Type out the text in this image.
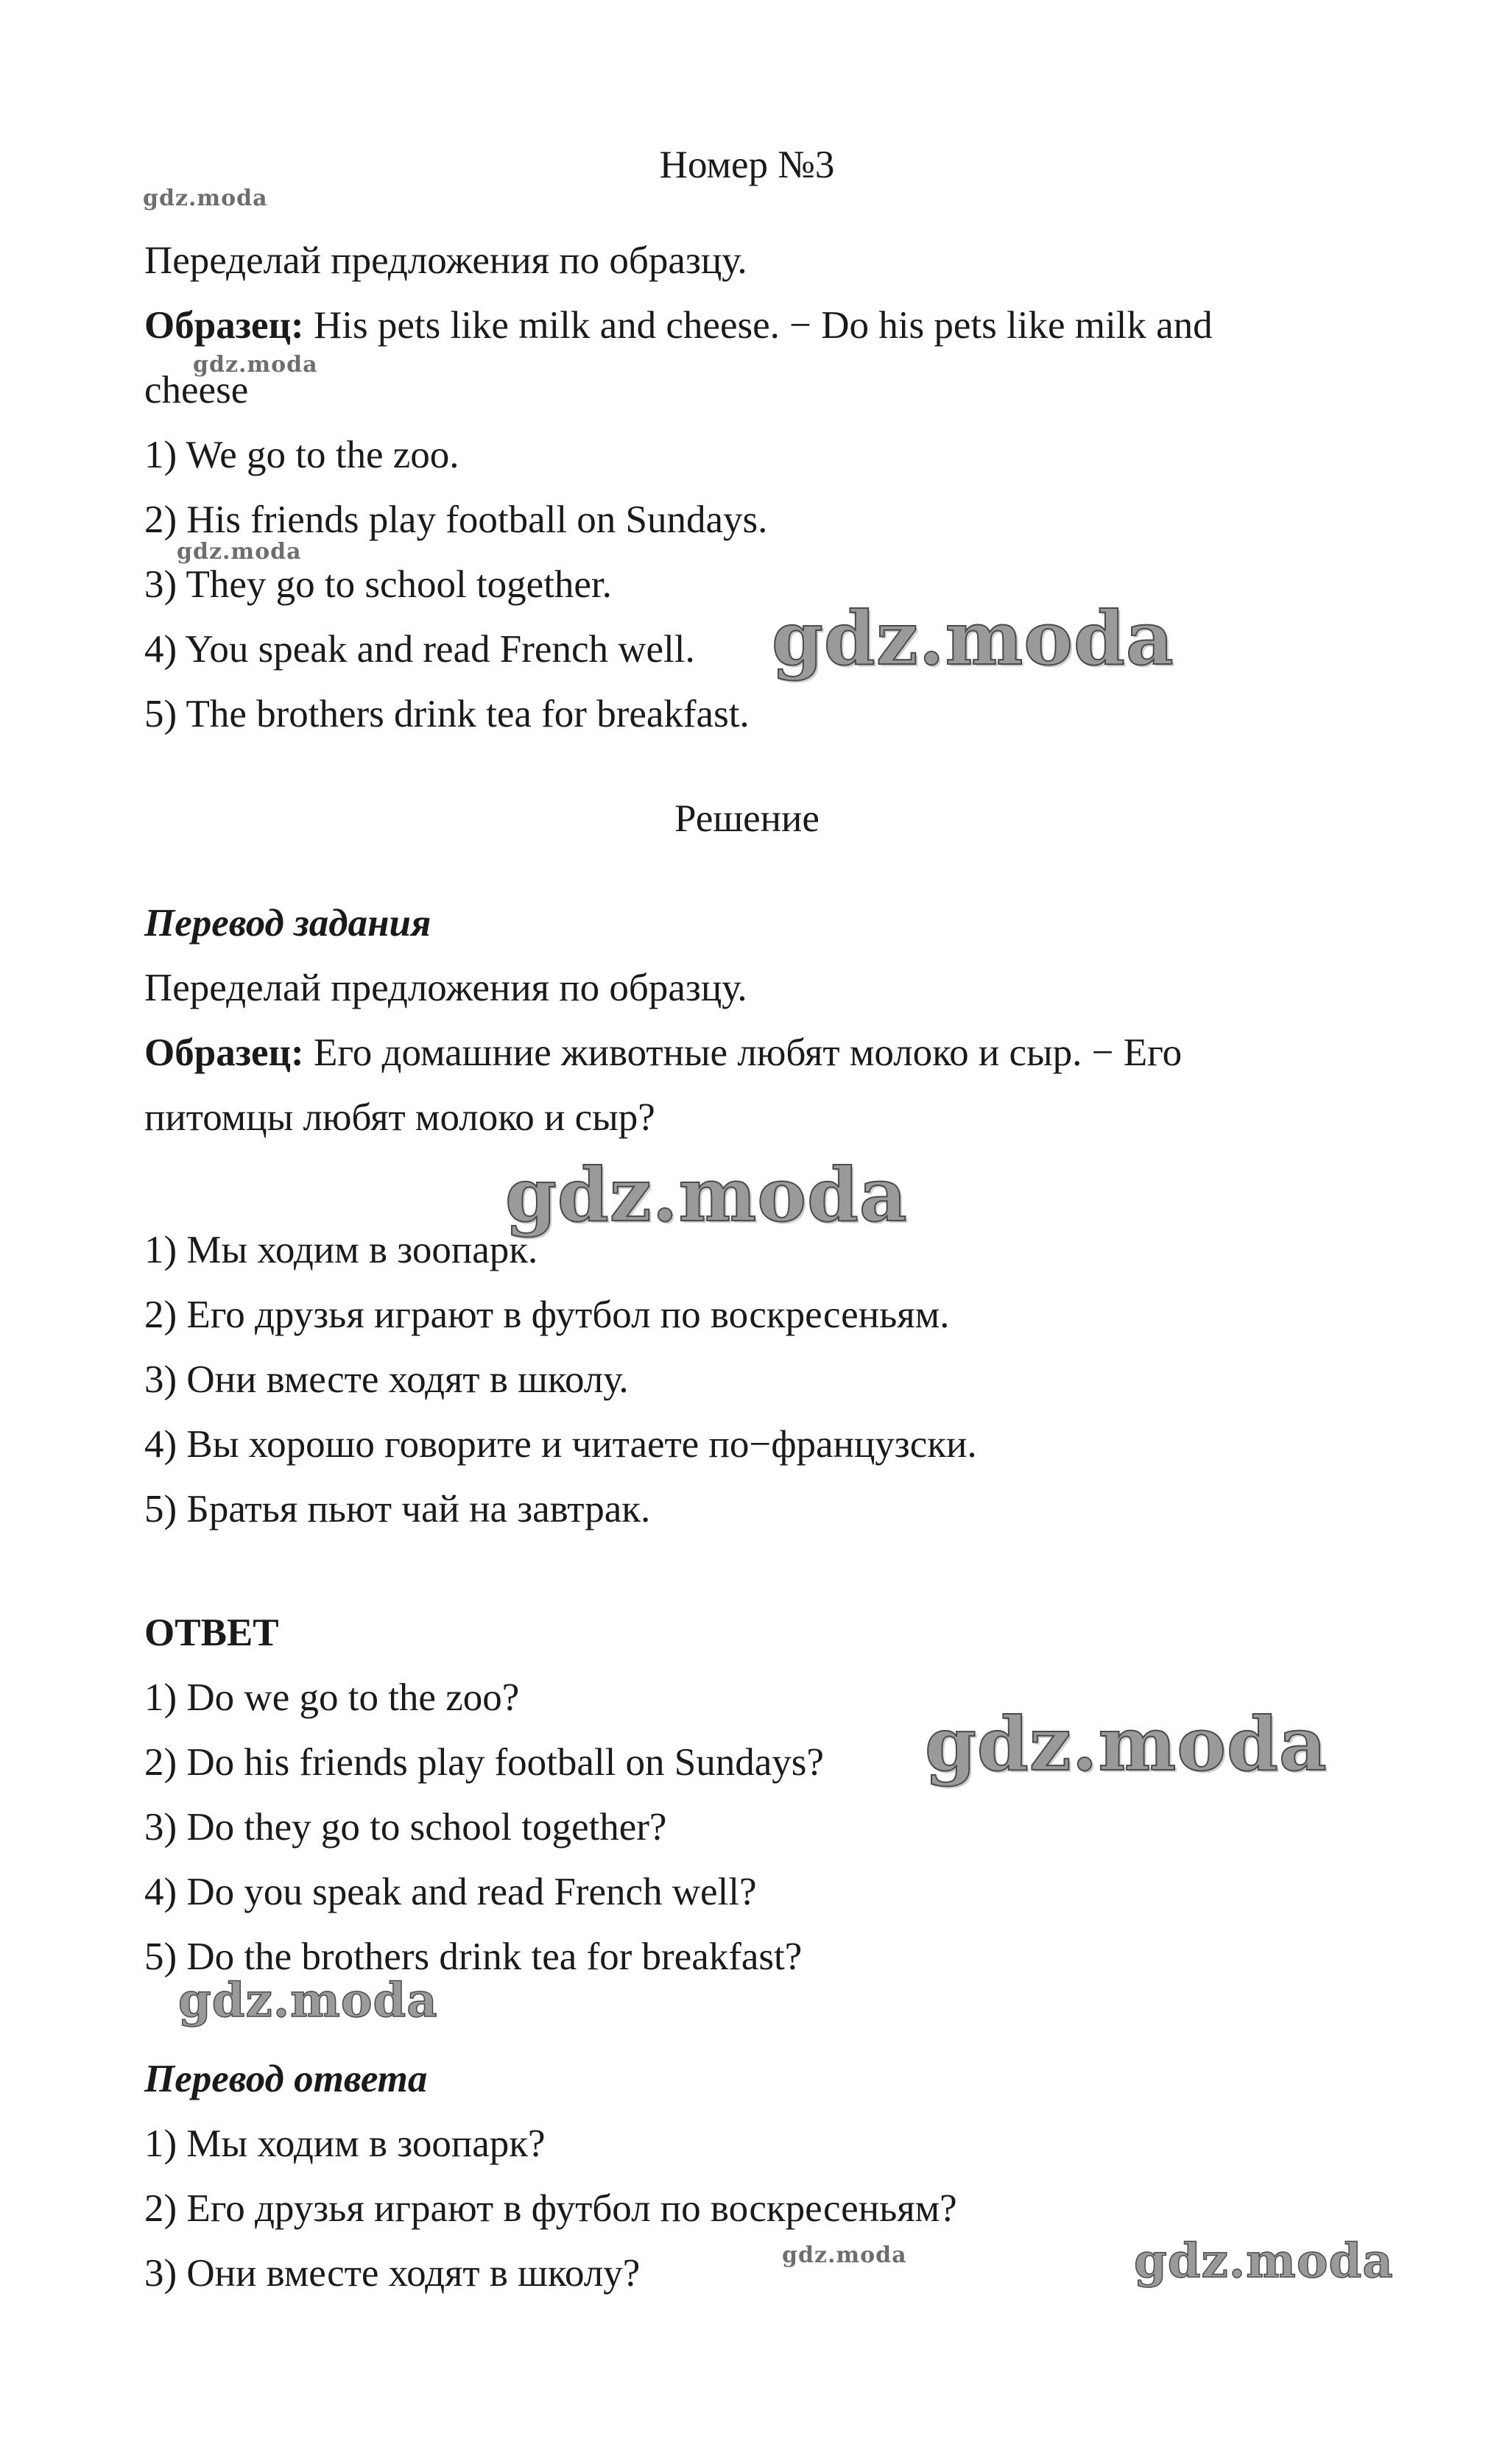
Номер №3
Переделай предложения по образцу.
Образец: His pets like milk and cheese. − Do his pets like milk and
cheese
1) We go to the zoo.
2) His friends play football on Sundays.
3) They go to school together.
4) You speak and read French well.
5) The brothers drink tea for breakfast.
Решение
Перевод задания
Переделай предложения по образцу.
Образец: Его домашние животные любят молоко и сыр. − Его
питомцы любят молоко и сыр?
1) Мы ходим в зоопарк.
2) Его друзья играют в футбол по воскресеньям.
3) Они вместе ходят в школу.
4) Вы хорошо говорите и читаете по−французски.
5) Братья пьют чай на завтрак.
ОТВЕТ
1) Do we go to the zoo?
2) Do his friends play football on Sundays?
3) Do they go to school together?
4) Do you speak and read French well?
5) Do the brothers drink tea for breakfast?
Перевод ответа
1) Мы ходим в зоопарк?
2) Его друзья играют в футбол по воскресеньям?
3) Они вместе ходят в школу?
gdz.moda
gdz.moda
gdz.moda
gdz.moda
gdz.moda
gdz.moda
gdz.moda
gdz.moda	gdz.moda
